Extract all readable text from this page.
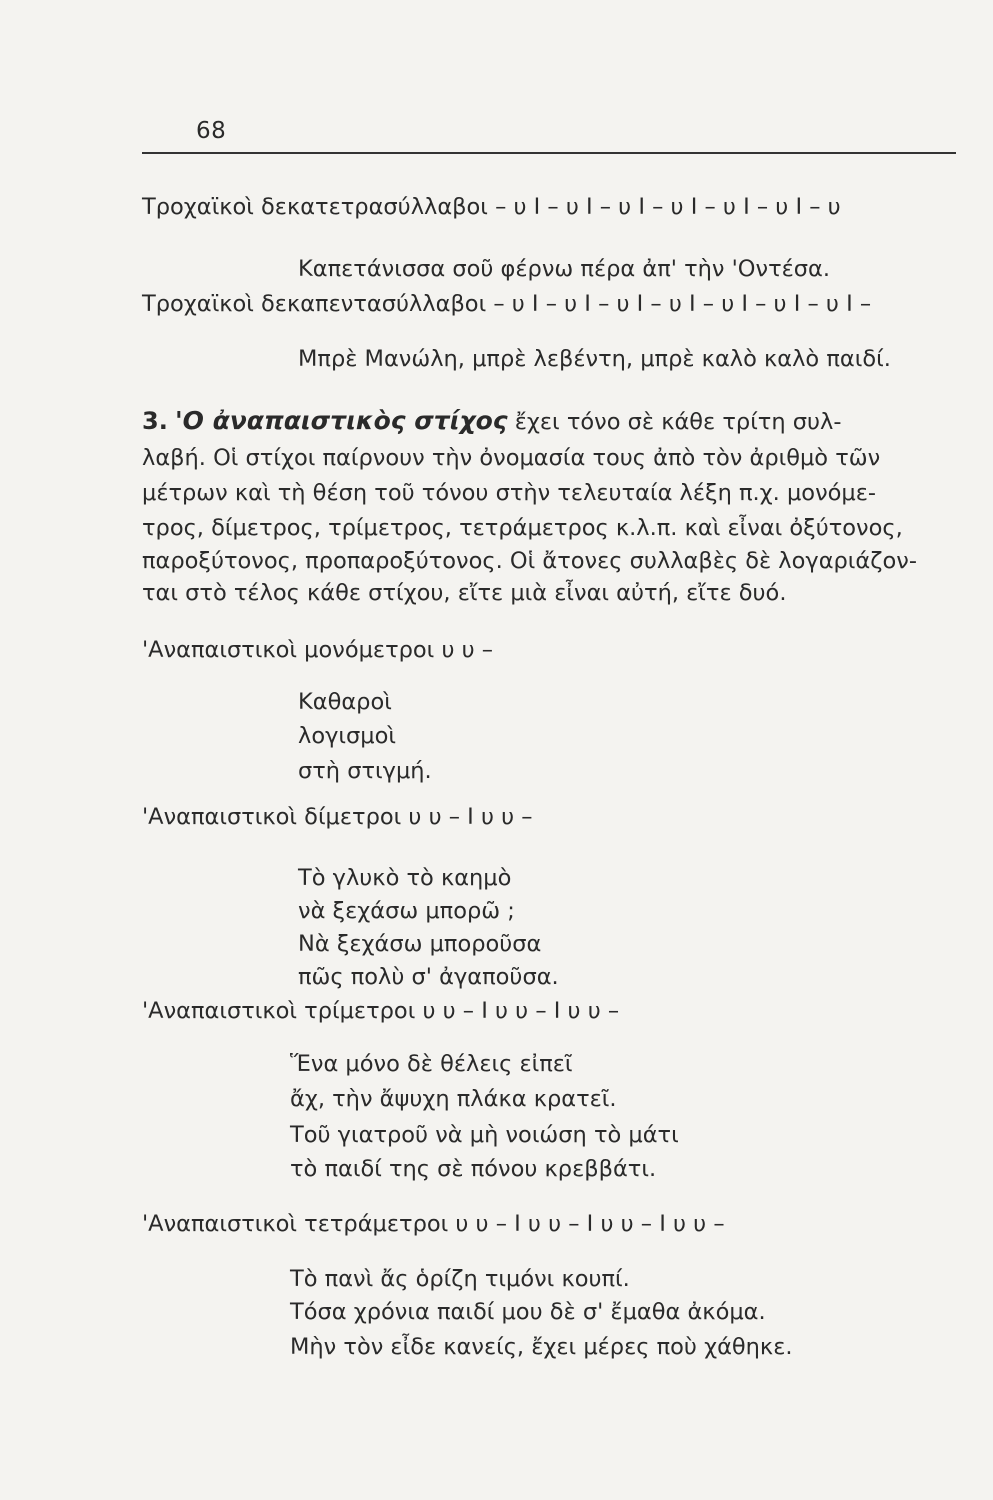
68
Τροχαϊκοὶ δεκατετρασύλλαβοι – υ Ι – υ Ι – υ Ι – υ Ι – υ Ι – υ Ι – υ
Καπετάνισσα σοῦ φέρνω πέρα ἀπ' τὴν 'Οντέσα.
Τροχαϊκοὶ δεκαπεντασύλλαβοι – υ Ι – υ Ι – υ Ι – υ Ι – υ Ι – υ Ι – υ Ι –
Μπρὲ Μανώλη, μπρὲ λεβέντη, μπρὲ καλὸ καλὸ παιδί.
3. 'Ο ἀναπαιστικὸς στίχος ἔχει τόνο σὲ κάθε τρίτη συλ-
λαβή. Οἱ στίχοι παίρνουν τὴν ὀνομασία τους ἀπὸ τὸν ἀριθμὸ τῶν
μέτρων καὶ τὴ θέση τοῦ τόνου στὴν τελευταία λέξη π.χ. μονόμε-
τρος, δίμετρος, τρίμετρος, τετράμετρος κ.λ.π. καὶ εἶναι ὀξύτονος,
παροξύτονος, προπαροξύτονος. Οἱ ἄτονες συλλαβὲς δὲ λογαριάζον-
ται στὸ τέλος κάθε στίχου, εἴτε μιὰ εἶναι αὐτή, εἴτε δυό.
'Αναπαιστικοὶ μονόμετροι υ υ –
Καθαροὶ
λογισμοὶ
στὴ στιγμή.
'Αναπαιστικοὶ δίμετροι υ υ – Ι υ υ –
Τὸ γλυκὸ τὸ καημὸ
νὰ ξεχάσω μπορῶ ;
Νὰ ξεχάσω μποροῦσα
πῶς πολὺ σ' ἀγαποῦσα.
'Αναπαιστικοὶ τρίμετροι υ υ – Ι υ υ – Ι υ υ –
Ἕνα μόνο δὲ θέλεις εἰπεῖ
ἄχ, τὴν ἄψυχη πλάκα κρατεῖ.
Τοῦ γιατροῦ νὰ μὴ νοιώση τὸ μάτι
τὸ παιδί της σὲ πόνου κρεββάτι.
'Αναπαιστικοὶ τετράμετροι υ υ – Ι υ υ – Ι υ υ – Ι υ υ –
Τὸ πανὶ ἄς ὁρίζη τιμόνι κουπί.
Τόσα χρόνια παιδί μου δὲ σ' ἔμαθα ἀκόμα.
Μὴν τὸν εἶδε κανείς, ἔχει μέρες ποὺ χάθηκε.
